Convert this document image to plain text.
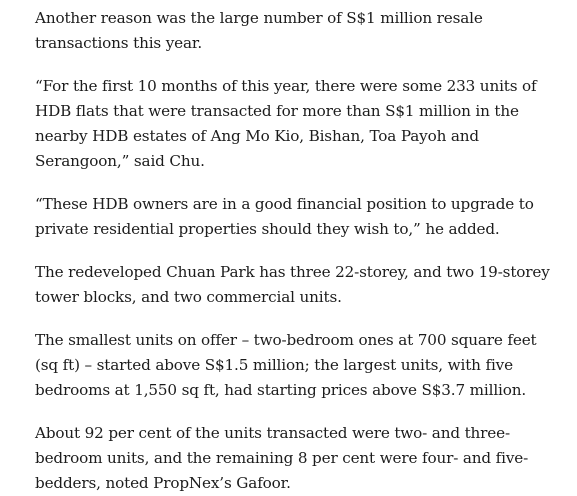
Another reason was the large number of S$1 million resale transactions this year.

“For the first 10 months of this year, there were some 233 units of HDB flats that were transacted for more than S$1 million in the nearby HDB estates of Ang Mo Kio, Bishan, Toa Payoh and Serangoon,” said Chu.

“These HDB owners are in a good financial position to upgrade to private residential properties should they wish to,” he added.

The redeveloped Chuan Park has three 22-storey, and two 19-storey tower blocks, and two commercial units.

The smallest units on offer – two-bedroom ones at 700 square feet (sq ft) – started above S$1.5 million; the largest units, with five bedrooms at 1,550 sq ft, had starting prices above S$3.7 million.

About 92 per cent of the units transacted were two- and three-bedroom units, and the remaining 8 per cent were four- and five-bedders, noted PropNex’s Gafoor.
